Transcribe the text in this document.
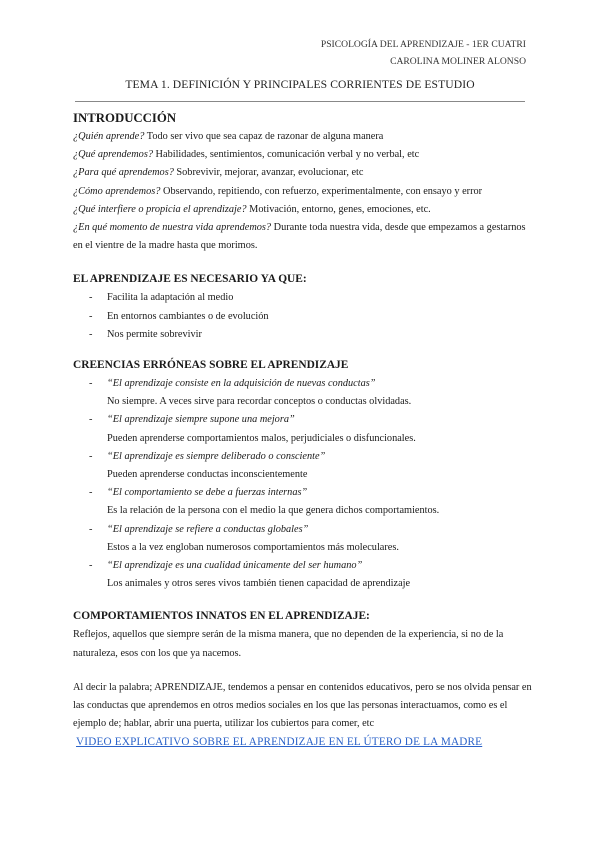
PSICOLOGÍA DEL APRENDIZAJE - 1ER CUATRI
CAROLINA MOLINER ALONSO
TEMA 1. DEFINICIÓN Y PRINCIPALES CORRIENTES DE ESTUDIO
INTRODUCCIÓN

¿Quién aprende? Todo ser vivo que sea capaz de razonar de alguna manera

¿Qué aprendemos? Habilidades, sentimientos, comunicación verbal y no verbal, etc

¿Para qué aprendemos? Sobrevivir, mejorar, avanzar, evolucionar, etc

¿Cómo aprendemos? Observando, repitiendo, con refuerzo, experimentalmente, con ensayo y error

¿Qué interfiere o propicia el aprendizaje? Motivación, entorno, genes, emociones, etc.

¿En qué momento de nuestra vida aprendemos? Durante toda nuestra vida, desde que empezamos a gestarnos en el vientre de la madre hasta que morimos.

EL APRENDIZAJE ES NECESARIO YA QUE:
- Facilita la adaptación al medio
- En entornos cambiantes o de evolución
- Nos permite sobrevivir
CREENCIAS ERRÓNEAS SOBRE EL APRENDIZAJE
- “El aprendizaje consiste en la adquisición de nuevas conductas”

No siempre. A veces sirve para recordar conceptos o conductas olvidadas.

- “El aprendizaje siempre supone una mejora”

Pueden aprenderse comportamientos malos, perjudiciales o disfuncionales.

- “El aprendizaje es siempre deliberado o consciente”

Pueden aprenderse conductas inconscientemente

- “El comportamiento se debe a fuerzas internas”

Es la relación de la persona con el medio la que genera dichos comportamientos.

- “El aprendizaje se refiere a conductas globales”

Estos a la vez engloban numerosos comportamientos más moleculares.

- “El aprendizaje es una cualidad únicamente del ser humano”

Los animales y otros seres vivos también tienen capacidad de aprendizaje

COMPORTAMIENTOS INNATOS EN EL APRENDIZAJE:

Reflejos, aquellos que siempre serán de la misma manera, que no dependen de la experiencia, si no de la naturaleza, esos con los que ya nacemos.

Al decir la palabra; APRENDIZAJE, tendemos a pensar en contenidos educativos, pero se nos olvida pensar en las conductas que aprendemos en otros medios sociales en los que las personas interactuamos, como es el ejemplo de; hablar, abrir una puerta, utilizar los cubiertos para comer, etc

VIDEO EXPLICATIVO SOBRE EL APRENDIZAJE EN EL ÚTERO DE LA MADRE
